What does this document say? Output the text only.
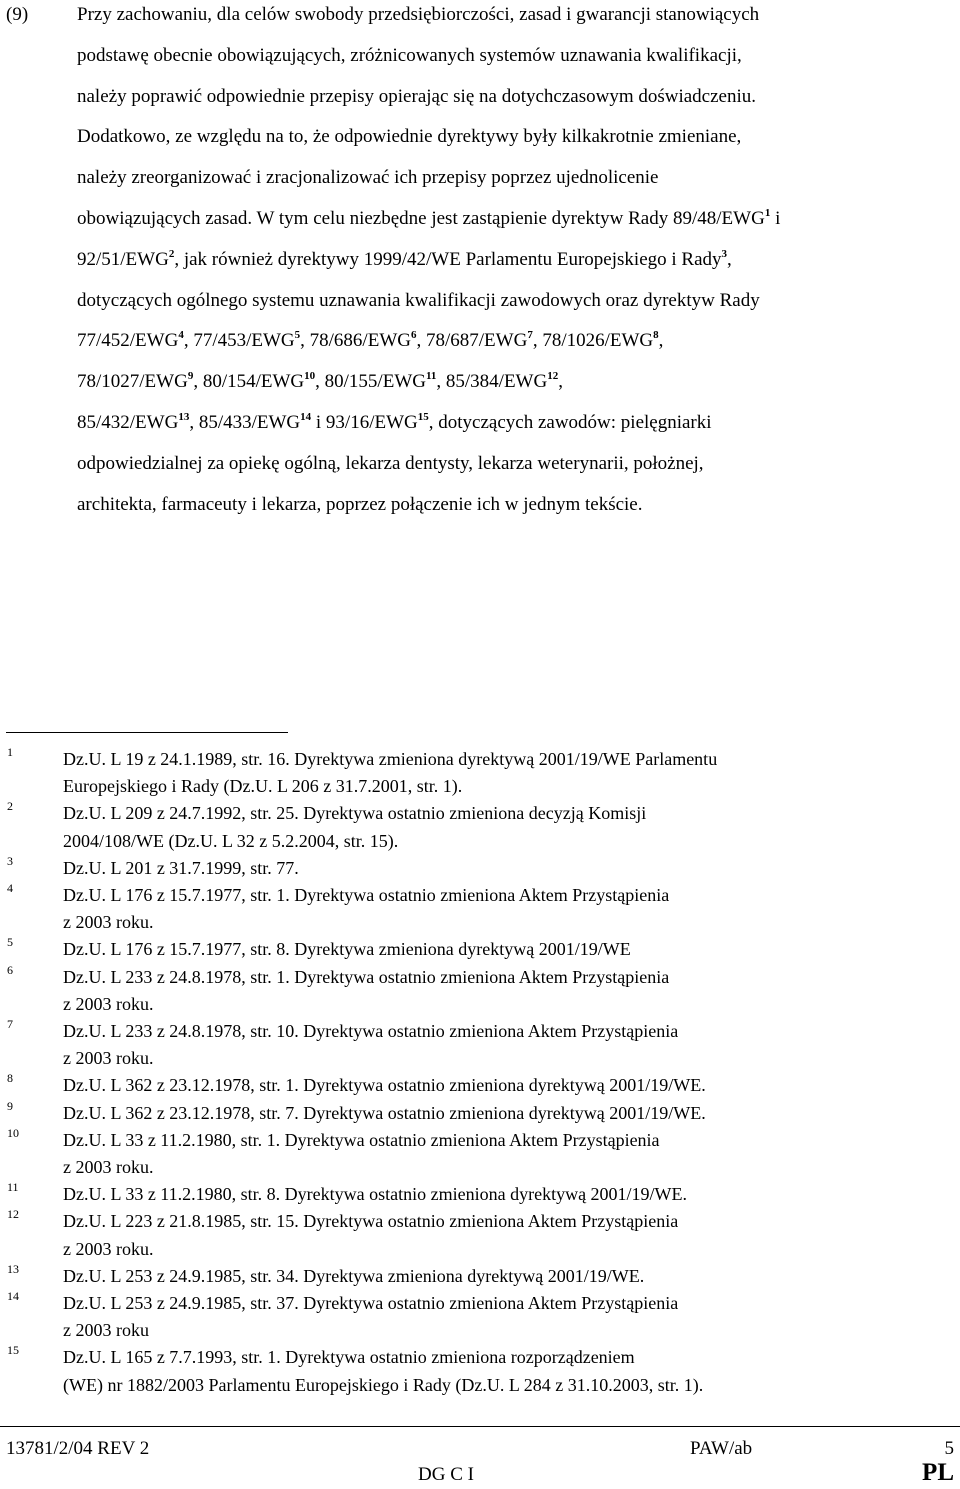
(9)	Przy zachowaniu, dla celów swobody przedsiębiorczości, zasad i gwarancji stanowiących
podstawę obecnie obowiązujących, zróżnicowanych systemów uznawania kwalifikacji,
należy poprawić odpowiednie przepisy opierając się na dotychczasowym doświadczeniu.
Dodatkowo, ze względu na to, że odpowiednie dyrektywy były kilkakrotnie zmieniane,
należy zreorganizować i zracjonalizować ich przepisy poprzez ujednolicenie
obowiązujących zasad. W tym celu niezbędne jest zastąpienie dyrektyw Rady 89/48/EWG$^1$ i
92/51/EWG$^2$, jak również dyrektywy 1999/42/WE Parlamentu Europejskiego i Rady$^3$,
dotyczących ogólnego systemu uznawania kwalifikacji zawodowych oraz dyrektyw Rady
77/452/EWG$^4$, 77/453/EWG$^5$, 78/686/EWG$^6$, 78/687/EWG$^7$, 78/1026/EWG$^8$,
78/1027/EWG$^9$, 80/154/EWG$^{10}$, 80/155/EWG$^{11}$, 85/384/EWG$^{12}$,
85/432/EWG$^{13}$, 85/433/EWG$^{14}$ i 93/16/EWG$^{15}$, dotyczących zawodów: pielęgniarki
odpowiedzialnej za opiekę ogólną, lekarza dentysty, lekarza weterynarii, położnej,
architekta, farmaceuty i lekarza, poprzez połączenie ich w jednym tekście.
1	Dz.U. L 19 z 24.1.1989, str. 16. Dyrektywa zmieniona dyrektywą 2001/19/WE Parlamentu
Europejskiego i Rady (Dz.U. L 206 z 31.7.2001, str. 1).
2	Dz.U. L 209 z 24.7.1992, str. 25. Dyrektywa ostatnio zmieniona decyzją Komisji
2004/108/WE (Dz.U. L 32 z 5.2.2004, str. 15).
3	Dz.U. L 201 z 31.7.1999, str. 77.
4	Dz.U. L 176 z 15.7.1977, str. 1. Dyrektywa ostatnio zmieniona Aktem Przystąpienia
z 2003 roku.
5	Dz.U. L 176 z 15.7.1977, str. 8. Dyrektywa zmieniona dyrektywą 2001/19/WE
6	Dz.U. L 233 z 24.8.1978, str. 1. Dyrektywa ostatnio zmieniona Aktem Przystąpienia
z 2003 roku.
7	Dz.U. L 233 z 24.8.1978, str. 10. Dyrektywa ostatnio zmieniona Aktem Przystąpienia
z 2003 roku.
8	Dz.U. L 362 z 23.12.1978, str. 1. Dyrektywa ostatnio zmieniona dyrektywą 2001/19/WE.
9	Dz.U. L 362 z 23.12.1978, str. 7. Dyrektywa ostatnio zmieniona dyrektywą 2001/19/WE.
10 Dz.U. L 33 z 11.2.1980, str. 1. Dyrektywa ostatnio zmieniona Aktem Przystąpienia
z 2003 roku.
11 Dz.U. L 33 z 11.2.1980, str. 8. Dyrektywa ostatnio zmieniona dyrektywą 2001/19/WE.
12 Dz.U. L 223 z 21.8.1985, str. 15. Dyrektywa ostatnio zmieniona Aktem Przystąpienia
z 2003 roku.
13 Dz.U. L 253 z 24.9.1985, str. 34. Dyrektywa zmieniona dyrektywą 2001/19/WE.
14 Dz.U. L 253 z 24.9.1985, str. 37. Dyrektywa ostatnio zmieniona Aktem Przystąpienia
z 2003 roku
15 Dz.U. L 165 z 7.7.1993, str. 1. Dyrektywa ostatnio zmieniona rozporządzeniem
(WE) nr 1882/2003 Parlamentu Europejskiego i Rady (Dz.U. L 284 z 31.10.2003, str. 1).
13781/2/04 REV 2	PAW/ab	5
DG C I	PL
